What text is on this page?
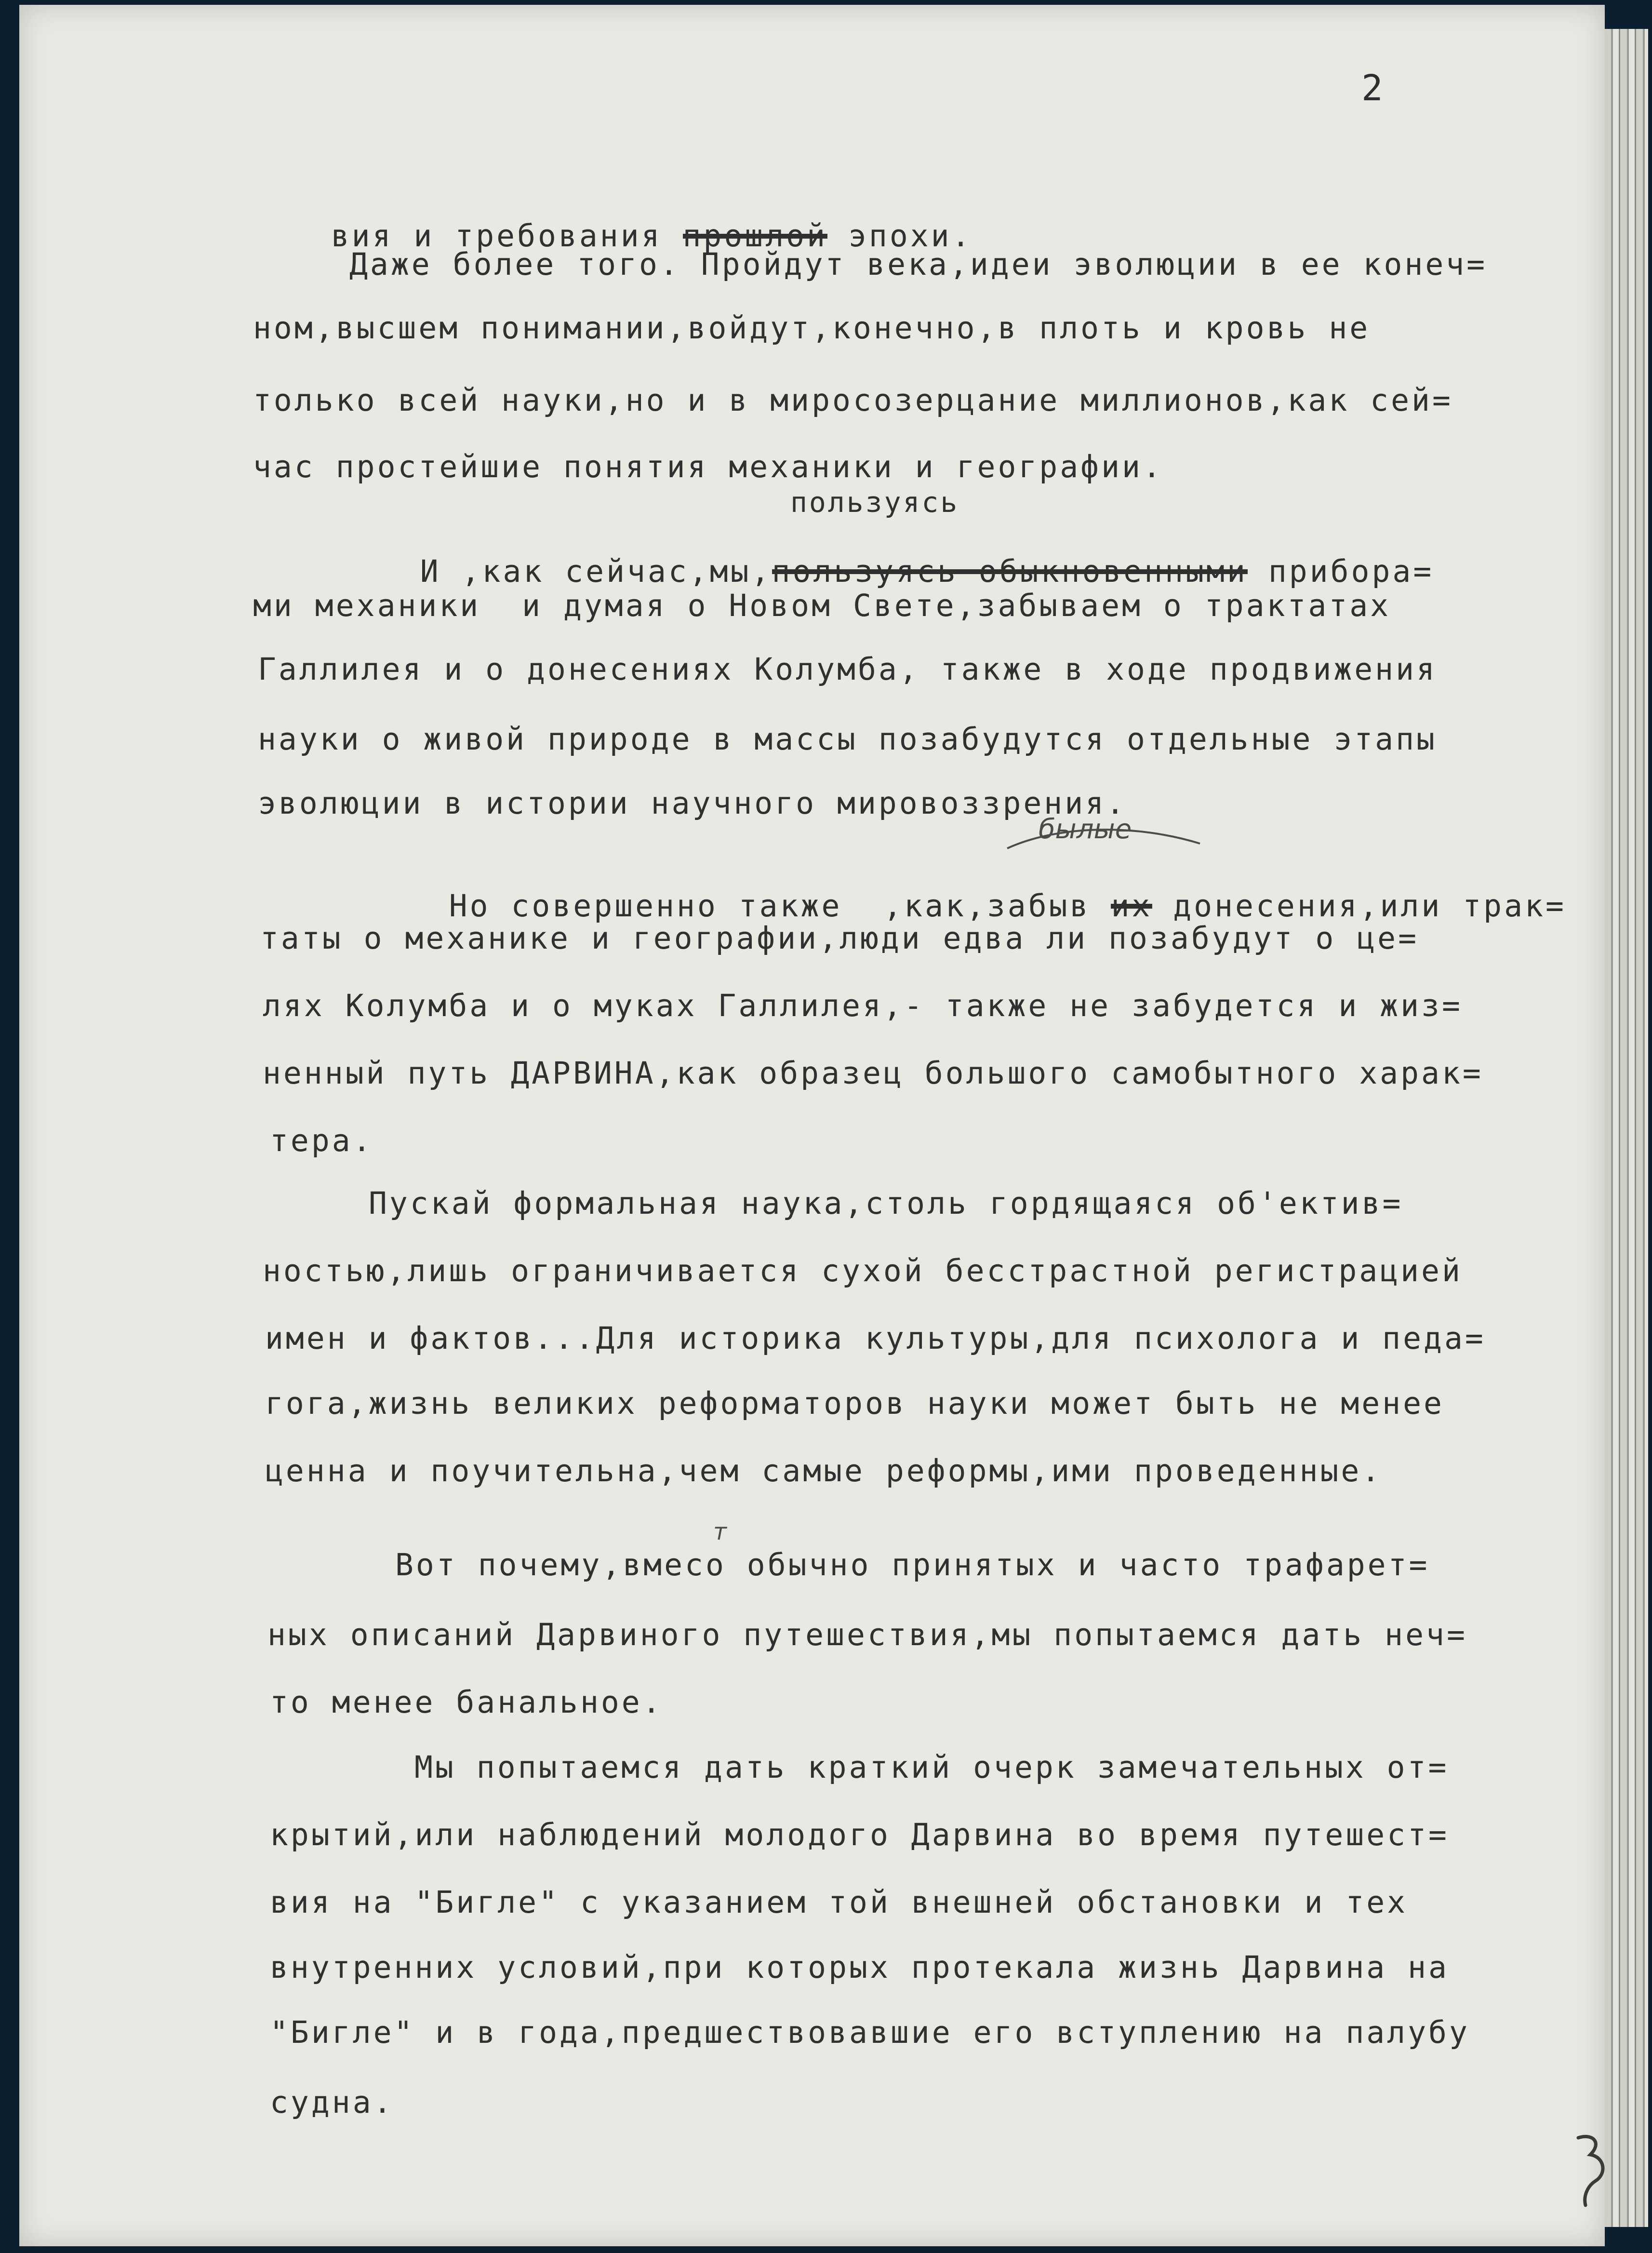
2

вия и требования прошлой эпохи.

Даже более того. Пройдут века,идеи эволюции в ее конеч=
ном,высшем понимании,войдут,конечно,в плоть и кровь не
только всей науки,но и в миросозерцание миллионов,как сей=
час простейшие понятия механики и географии.
пользуясь

И ,как сейчас,мы,пользуясь обыкновенными прибора=

ми механики  и думая о Новом Свете,забываем о трактатах
Галлилея и о донесениях Колумба, также в ходе продвижения
науки о живой природе в массы позабудутся отдельные этапы
эволюции в истории научного мировоззрения.
былые

Но совершенно также  ,как,забыв их донесения,или трак=

таты о механике и географии,люди едва ли позабудут о це=
лях Колумба и о муках Галлилея,- также не забудется и жиз=
ненный путь ДАРВИНА,как образец большого самобытного харак=
тера.
Пускай формальная наука,столь гордящаяся об'ектив=
ностью,лишь ограничивается сухой бесстрастной регистрацией
имен и фактов...Для историка культуры,для психолога и педа=
гога,жизнь великих реформаторов науки может быть не менее
ценна и поучительна,чем самые реформы,ими проведенные.
т
Вот почему,вмесо обычно принятых и часто трафарет=
ных описаний Дарвиного путешествия,мы попытаемся дать неч=
то менее банальное.
Мы попытаемся дать краткий очерк замечательных от=
крытий,или наблюдений молодого Дарвина во время путешест=
вия на "Бигле" с указанием той внешней обстановки и тех
внутренних условий,при которых протекала жизнь Дарвина на
"Бигле" и в года,предшествовавшие его вступлению на палубу
судна.
